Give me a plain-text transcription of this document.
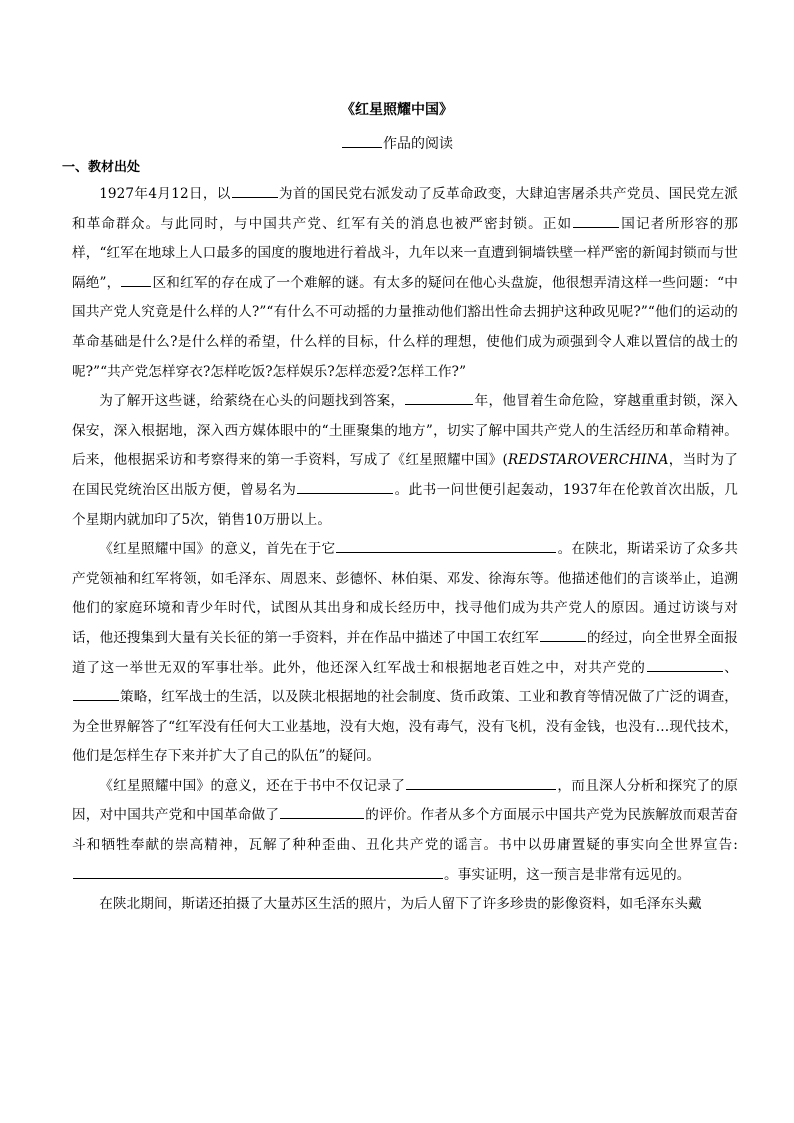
《红星照耀中国》
作品的阅读
一、教材出处

1927年4月12日，以	为首的国民党右派发动了反革命政变，大肆迫害屠杀共产党员、国民党左派和革命群众。与此同时，与中国共产党、红军有关的消息也被严密封锁。正如	国记者所形容的那样，“红军在地球上人口最多的国度的腹地进行着战斗，九年以来一直遭到铜墙铁壁一样严密的新闻封锁而与世隔绝”， 区和红军的存在成了一个难解的谜。有太多的疑问在他心头盘旋，他很想弄清这样一些问题：“中国共产党人究竟是什么样的人?”“有什么不可动摇的力量推动他们豁出性命去拥护这种政见呢?”“他们的运动的革命基础是什么?是什么样的希望，什么样的目标，什么样的理想，使他们成为顽强到令人难以置信的战士的呢?”“共产党怎样穿衣?怎样吃饭?怎样娱乐?怎样恋爱?怎样工作?”

为了解开这些谜，给萦绕在心头的问题找到答案，	年，他冒着生命危险，穿越重重封锁，深入保安，深入根据地，深入西方媒体眼中的“土匪聚集的地方”，切实了解中国共产党人的生活经历和革命精神。后来，他根据采访和考察得来的第一手资料，写成了《红星照耀中国》(REDSTAROVERCHINA，当时为了在国民党统治区出版方便，曾易名为	。此书一问世便引起轰动，1937年在伦敦首次出版，几个星期内就加印了5次，销售10万册以上。

《红星照耀中国》的意义，首先在于它	。在陕北，斯诺采访了众多共产党领袖和红军将领，如毛泽东、周恩来、彭德怀、林伯渠、邓发、徐海东等。他描述他们的言谈举止，追溯他们的家庭环境和青少年时代，试图从其出身和成长经历中，找寻他们成为共产党人的原因。通过访谈与对话，他还搜集到大量有关长征的第一手资料，并在作品中描述了中国工农红军	的经过，向全世界全面报道了这一举世无双的军事壮举。此外，他还深入红军战士和根据地老百姓之中，对共产党的	、策略，红军战士的生活，以及陕北根据地的社会制度、货币政策、工业和教育等情况做了广泛的调查，为全世界解答了“红军没有任何大工业基地，没有大炮，没有毒气，没有飞机，没有金钱，也没有…现代技术，他们是怎样生存下来并扩大了自己的队伍”的疑问。

《红星照耀中国》的意义，还在于书中不仅记录了	，而且深人分析和探究了的原因，对中国共产党和中国革命做了	的评价。作者从多个方面展示中国共产党为民族解放而艰苦奋斗和牺牲奉献的崇高精神，瓦解了种种歪曲、丑化共产党的谣言。书中以毋庸置疑的事实向全世界宣告:。事实证明，这一预言是非常有远见的。

在陕北期间，斯诺还拍摄了大量苏区生活的照片，为后人留下了许多珍贵的影像资料，如毛泽东头戴
